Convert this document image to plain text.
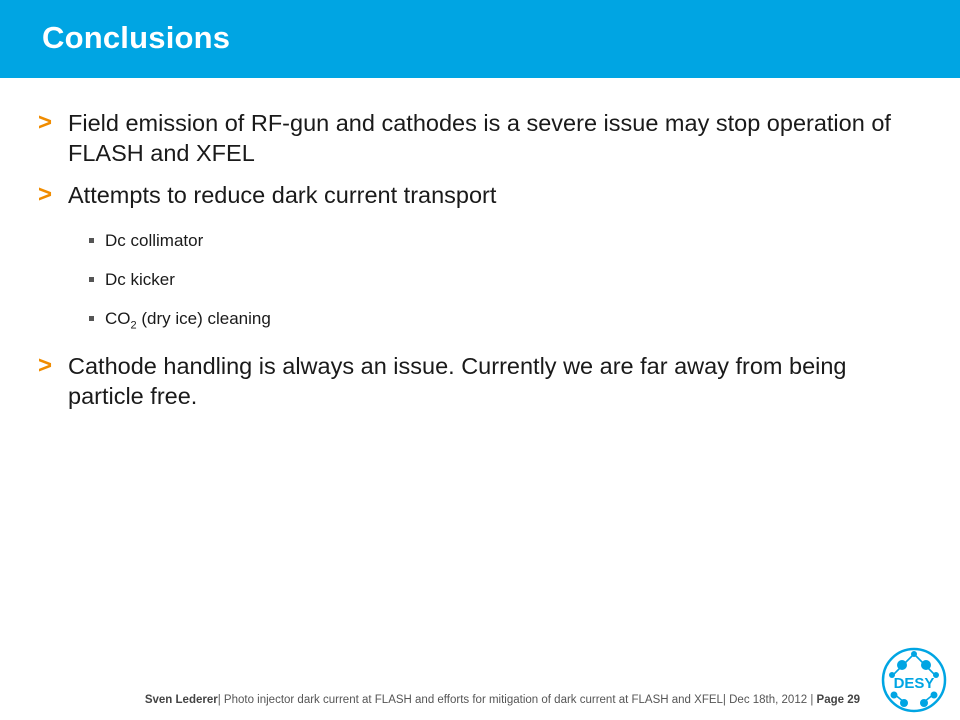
Conclusions
> Field emission of RF-gun and cathodes is a severe issue may stop operation of FLASH and XFEL
> Attempts to reduce dark current transport
Dc collimator
Dc kicker
$CO_2$ (dry ice) cleaning
> Cathode handling is always an issue. Currently we are far away from being particle free.
Sven Lederer| Photo injector dark current at FLASH and efforts for mitigation of dark current at FLASH and XFEL| Dec 18th, 2012 | Page 29
DESY
